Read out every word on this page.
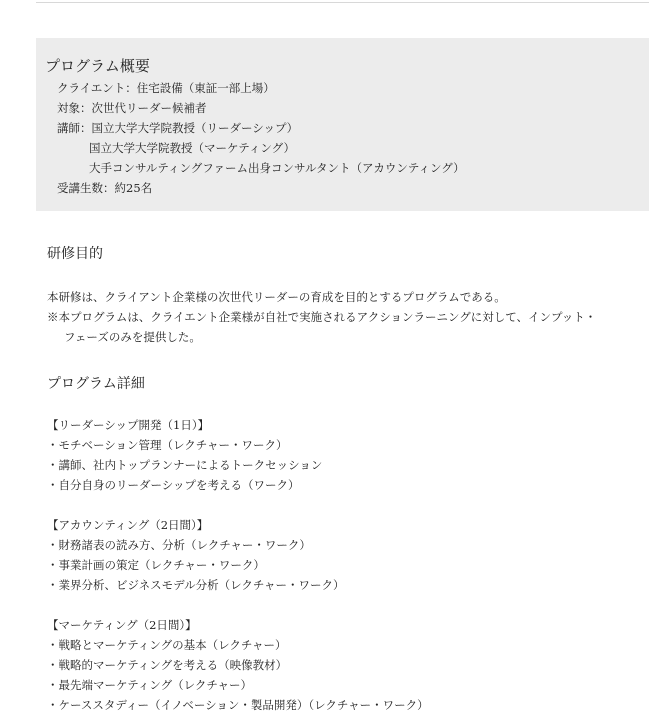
プログラム概要
クライエント：住宅設備（東証一部上場）
対象：次世代リーダー候補者
講師：国立大学大学院教授（リーダーシップ）
国立大学大学院教授（マーケティング）
大手コンサルティングファーム出身コンサルタント（アカウンティング）
受講生数：約25名
研修目的
本研修は、クライアント企業様の次世代リーダーの育成を目的とするプログラムである。
※本プログラムは、クライエント企業様が自社で実施されるアクションラーニングに対して、インプット・
フェーズのみを提供した。
プログラム詳細
【リーダーシップ開発（1日）】
・モチベーション管理（レクチャー・ワーク）
・講師、社内トップランナーによるトークセッション
・自分自身のリーダーシップを考える（ワーク）
【アカウンティング（2日間）】
・財務諸表の読み方、分析（レクチャー・ワーク）
・事業計画の策定（レクチャー・ワーク）
・業界分析、ビジネスモデル分析（レクチャー・ワーク）
【マーケティング（2日間）】
・戦略とマーケティングの基本（レクチャー）
・戦略的マーケティングを考える（映像教材）
・最先端マーケティング（レクチャー）
・ケーススタディー（イノベーション・製品開発）（レクチャー・ワーク）
